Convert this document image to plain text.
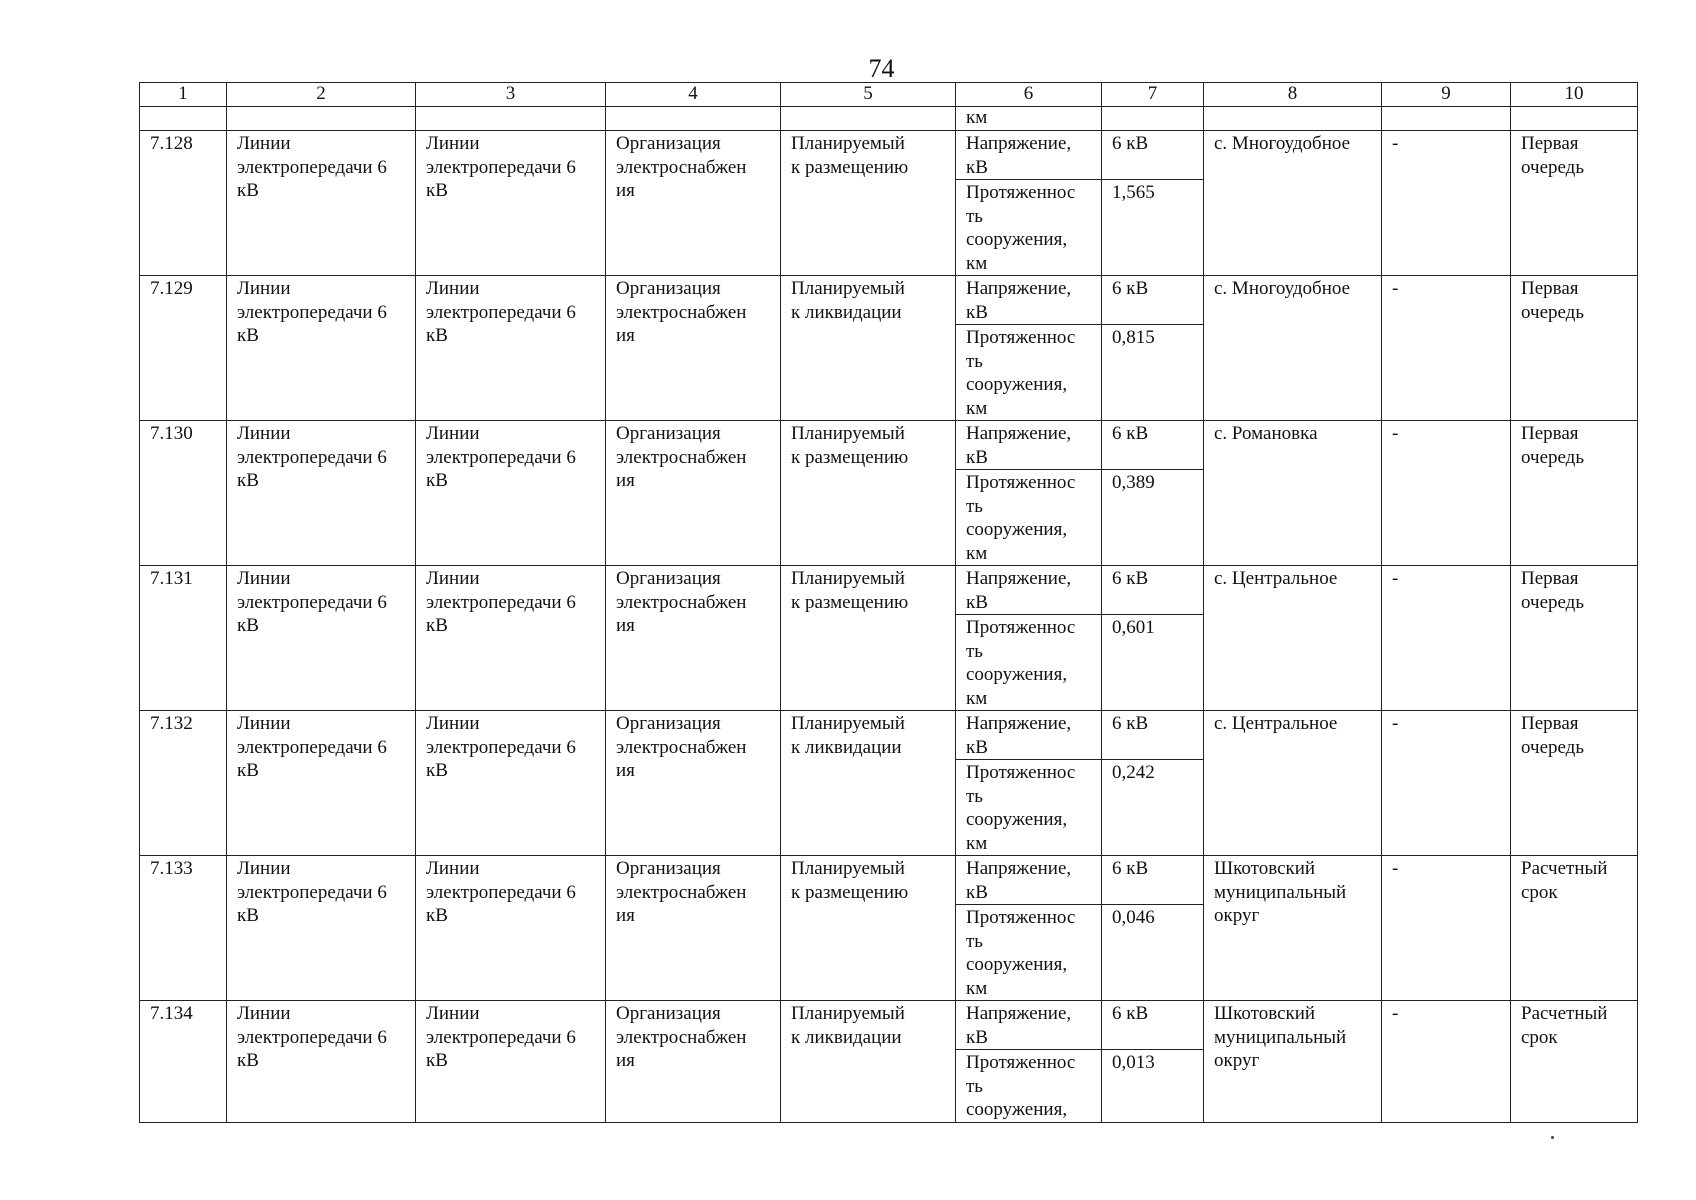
74
1	2	3	4	5	6	7	8	9	10
					км				
7.128	Линии
электропередачи 6
кВ	Линии
электропередачи 6
кВ	Организация
электроснабжен
ия	Планируемый
к размещению	Напряжение,
кВ	6 кВ	с. Многоудобное	-	Первая
очередь
					Протяженнос
ть
сооружения,
км	1,565			
7.129	Линии
электропередачи 6
кВ	Линии
электропередачи 6
кВ	Организация
электроснабжен
ия	Планируемый
к ликвидации	Напряжение,
кВ	6 кВ	с. Многоудобное	-	Первая
очередь
					Протяженнос
ть
сооружения,
км	0,815			
7.130	Линии
электропередачи 6
кВ	Линии
электропередачи 6
кВ	Организация
электроснабжен
ия	Планируемый
к размещению	Напряжение,
кВ	6 кВ	с. Романовка	-	Первая
очередь
					Протяженнос
ть
сооружения,
км	0,389			
7.131	Линии
электропередачи 6
кВ	Линии
электропередачи 6
кВ	Организация
электроснабжен
ия	Планируемый
к размещению	Напряжение,
кВ	6 кВ	с. Центральное	-	Первая
очередь
					Протяженнос
ть
сооружения,
км	0,601			
7.132	Линии
электропередачи 6
кВ	Линии
электропередачи 6
кВ	Организация
электроснабжен
ия	Планируемый
к ликвидации	Напряжение,
кВ	6 кВ	с. Центральное	-	Первая
очередь
					Протяженнос
ть
сооружения,
км	0,242			
7.133	Линии
электропередачи 6
кВ	Линии
электропередачи 6
кВ	Организация
электроснабжен
ия	Планируемый
к размещению	Напряжение,
кВ	6 кВ	Шкотовский
муниципальный
округ	-	Расчетный
срок
					Протяженнос
ть
сооружения,
км	0,046			
7.134	Линии
электропередачи 6
кВ	Линии
электропередачи 6
кВ	Организация
электроснабжен
ия	Планируемый
к ликвидации	Напряжение,
кВ	6 кВ	Шкотовский
муниципальный
округ	-	Расчетный
срок
					Протяженнос
ть
сооружения,	0,013			
